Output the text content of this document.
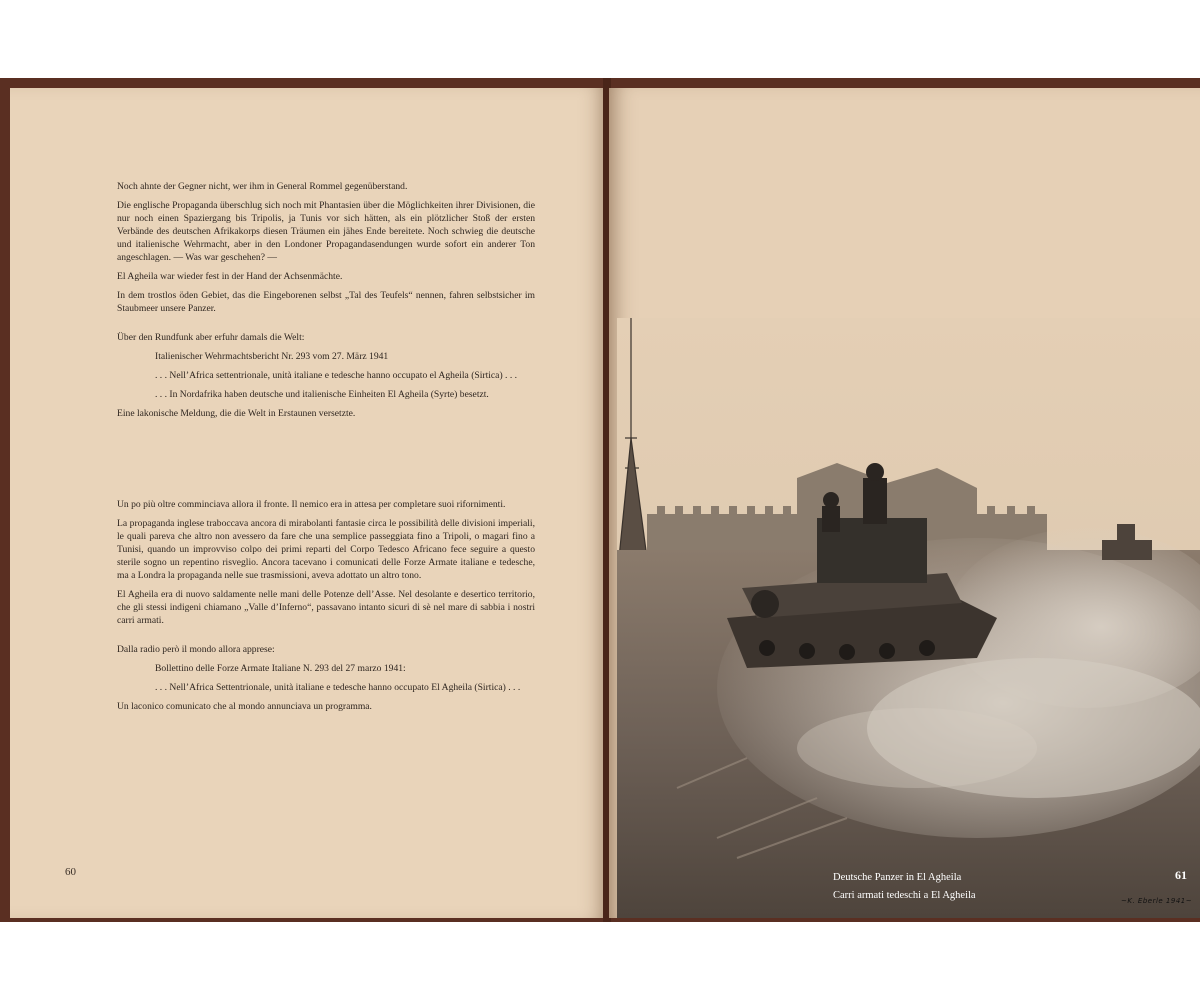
Noch ahnte der Gegner nicht, wer ihm in General Rommel gegenüberstand.

Die englische Propaganda überschlug sich noch mit Phantasien über die Möglichkeiten ihrer Divisionen, die nur noch einen Spaziergang bis Tripolis, ja Tunis vor sich hätten, als ein plötzlicher Stoß der ersten Verbände des deutschen Afrikakorps diesen Träumen ein jähes Ende bereitete. Noch schwieg die deutsche und italienische Wehrmacht, aber in den Londoner Propagandasendungen wurde sofort ein anderer Ton angeschlagen. — Was war geschehen? —

El Agheila war wieder fest in der Hand der Achsenmächte.

In dem trostlos öden Gebiet, das die Eingeborenen selbst „Tal des Teufels“ nennen, fahren selbstsicher im Staubmeer unsere Panzer.

Über den Rundfunk aber erfuhr damals die Welt:

Italienischer Wehrmachtsbericht Nr. 293 vom 27. März 1941

. . . Nell’Africa settentrionale, unità italiane e tedesche hanno occupato el Agheila (Sirtica) . . .

. . . In Nordafrika haben deutsche und italienische Einheiten El Agheila (Syrte) besetzt.

Eine lakonische Meldung, die die Welt in Erstaunen versetzte.

Un po più oltre comminciava allora il fronte. Il nemico era in attesa per completare suoi rifornimenti.

La propaganda inglese traboccava ancora di mirabolanti fantasie circa le possibilità delle divisioni imperiali, le quali pareva che altro non avessero da fare che una semplice passeggiata fino a Tripoli, o magari fino a Tunisi, quando un improvviso colpo dei primi reparti del Corpo Tedesco Africano fece seguire a questo sterile sogno un repentino risveglio. Ancora tacevano i comunicati delle Forze Armate italiane e tedesche, ma a Londra la propaganda nelle sue trasmissioni, aveva adottato un altro tono.

El Agheila era di nuovo saldamente nelle mani delle Potenze dell’Asse. Nel desolante e desertico territorio, che gli stessi indigeni chiamano „Valle d’Inferno“, passavano intanto sicuri di sè nel mare di sabbia i nostri carri armati.

Dalla radio però il mondo allora apprese:

Bollettino delle Forze Armate Italiane N. 293 del 27 marzo 1941:

. . . Nell’Africa Settentrionale, unità italiane e tedesche hanno occupato El Agheila (Sirtica) . . .

Un laconico comunicato che al mondo annunciava un programma.

60	Deutsche Panzer in El Agheila
Carri armati tedeschi a El Agheila
61
~K. Eberle 1941~
